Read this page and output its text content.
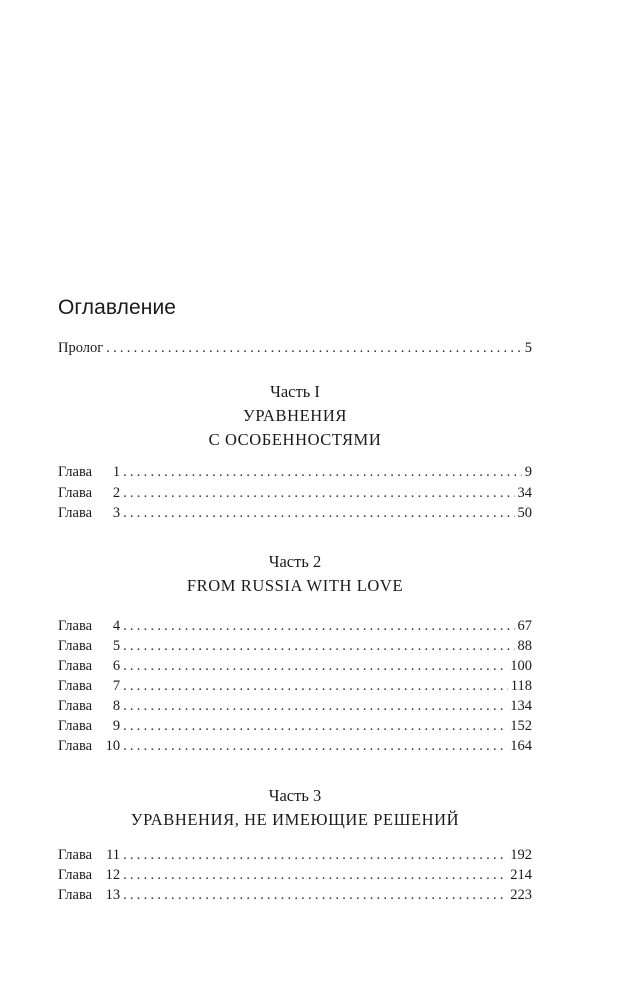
Оглавление
Пролог . . .	5
Часть I
УРАВНЕНИЯ
С ОСОБЕННОСТЯМИ
Глава 1 . . .	9
Глава 2 . . .	34
Глава 3 . . .	50
Часть 2
FROM RUSSIA WITH LOVE
Глава 4 . . .	67
Глава 5 . . .	88
Глава 6 . . .	100
Глава 7 . . .	118
Глава 8 . . .	134
Глава 9 . . .	152
Глава 10 . . .	164
Часть 3
УРАВНЕНИЯ, НЕ ИМЕЮЩИЕ РЕШЕНИЙ
Глава 11 . . .	192
Глава 12 . . .	214
Глава 13 . . .	223
